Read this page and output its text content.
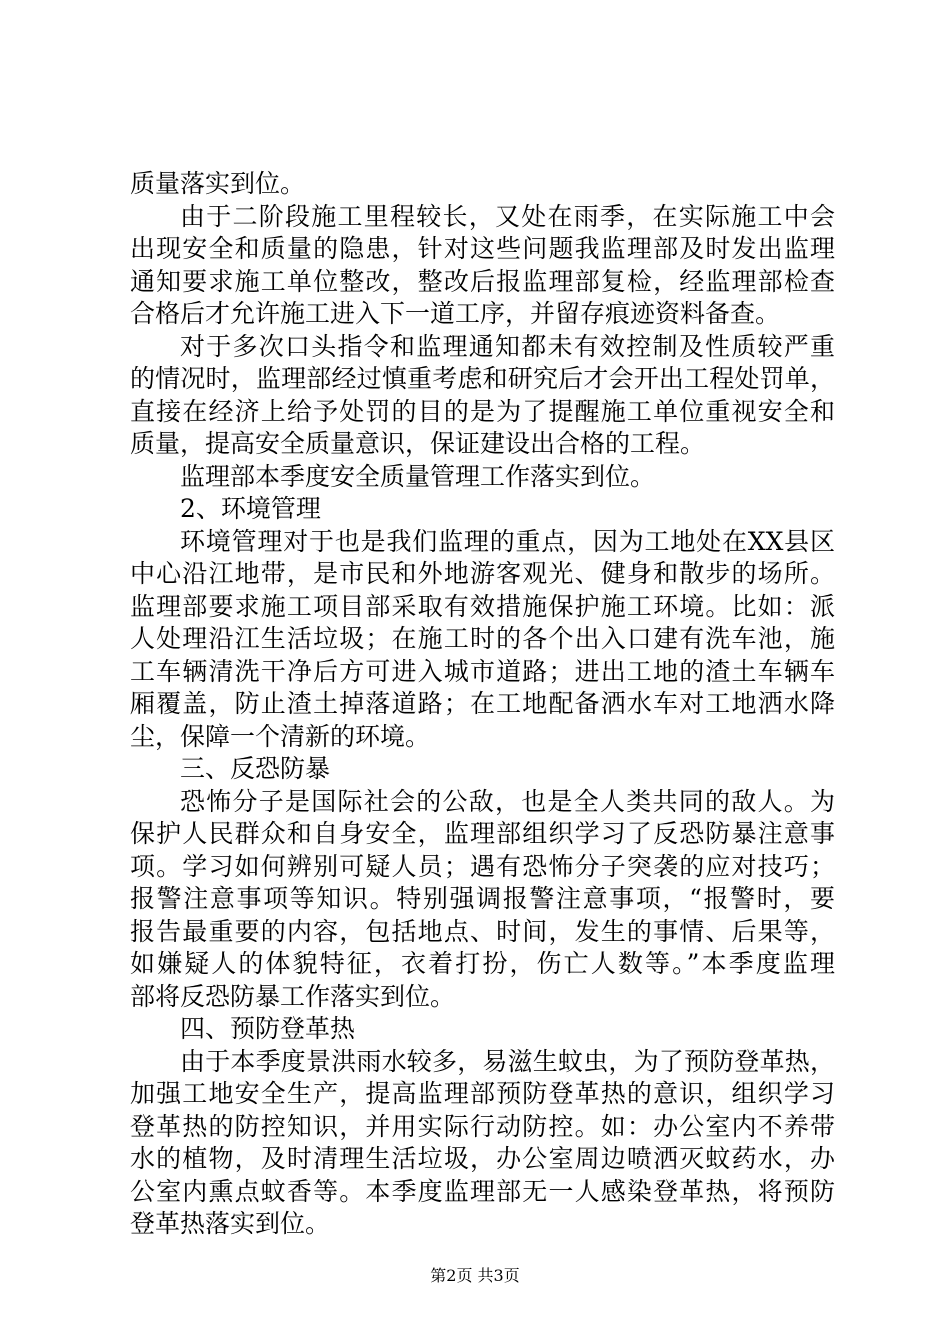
质量落实到位。
由于二阶段施工里程较长，又处在雨季，在实际施工中会
出现安全和质量的隐患，针对这些问题我监理部及时发出监理
通知要求施工单位整改，整改后报监理部复检，经监理部检查
合格后才允许施工进入下一道工序，并留存痕迹资料备查。
对于多次口头指令和监理通知都未有效控制及性质较严重
的情况时，监理部经过慎重考虑和研究后才会开出工程处罚单，
直接在经济上给予处罚的目的是为了提醒施工单位重视安全和
质量，提高安全质量意识，保证建设出合格的工程。
监理部本季度安全质量管理工作落实到位。
2、环境管理
环境管理对于也是我们监理的重点，因为工地处在XX县区
中心沿江地带，是市民和外地游客观光、健身和散步的场所。
监理部要求施工项目部采取有效措施保护施工环境。比如：派
人处理沿江生活垃圾；在施工时的各个出入口建有洗车池，施
工车辆清洗干净后方可进入城市道路；进出工地的渣土车辆车
厢覆盖，防止渣土掉落道路；在工地配备洒水车对工地洒水降
尘，保障一个清新的环境。
三、反恐防暴
恐怖分子是国际社会的公敌，也是全人类共同的敌人。为
保护人民群众和自身安全，监理部组织学习了反恐防暴注意事
项。学习如何辨别可疑人员；遇有恐怖分子突袭的应对技巧；
报警注意事项等知识。特别强调报警注意事项，“报警时，要
报告最重要的内容，包括地点、时间，发生的事情、后果等，
如嫌疑人的体貌特征，衣着打扮，伤亡人数等。”本季度监理
部将反恐防暴工作落实到位。
四、预防登革热
由于本季度景洪雨水较多，易滋生蚊虫，为了预防登革热，
加强工地安全生产，提高监理部预防登革热的意识，组织学习
登革热的防控知识，并用实际行动防控。如：办公室内不养带
水的植物，及时清理生活垃圾，办公室周边喷洒灭蚊药水，办
公室内熏点蚊香等。本季度监理部无一人感染登革热，将预防
登革热落实到位。
第2页 共3页
